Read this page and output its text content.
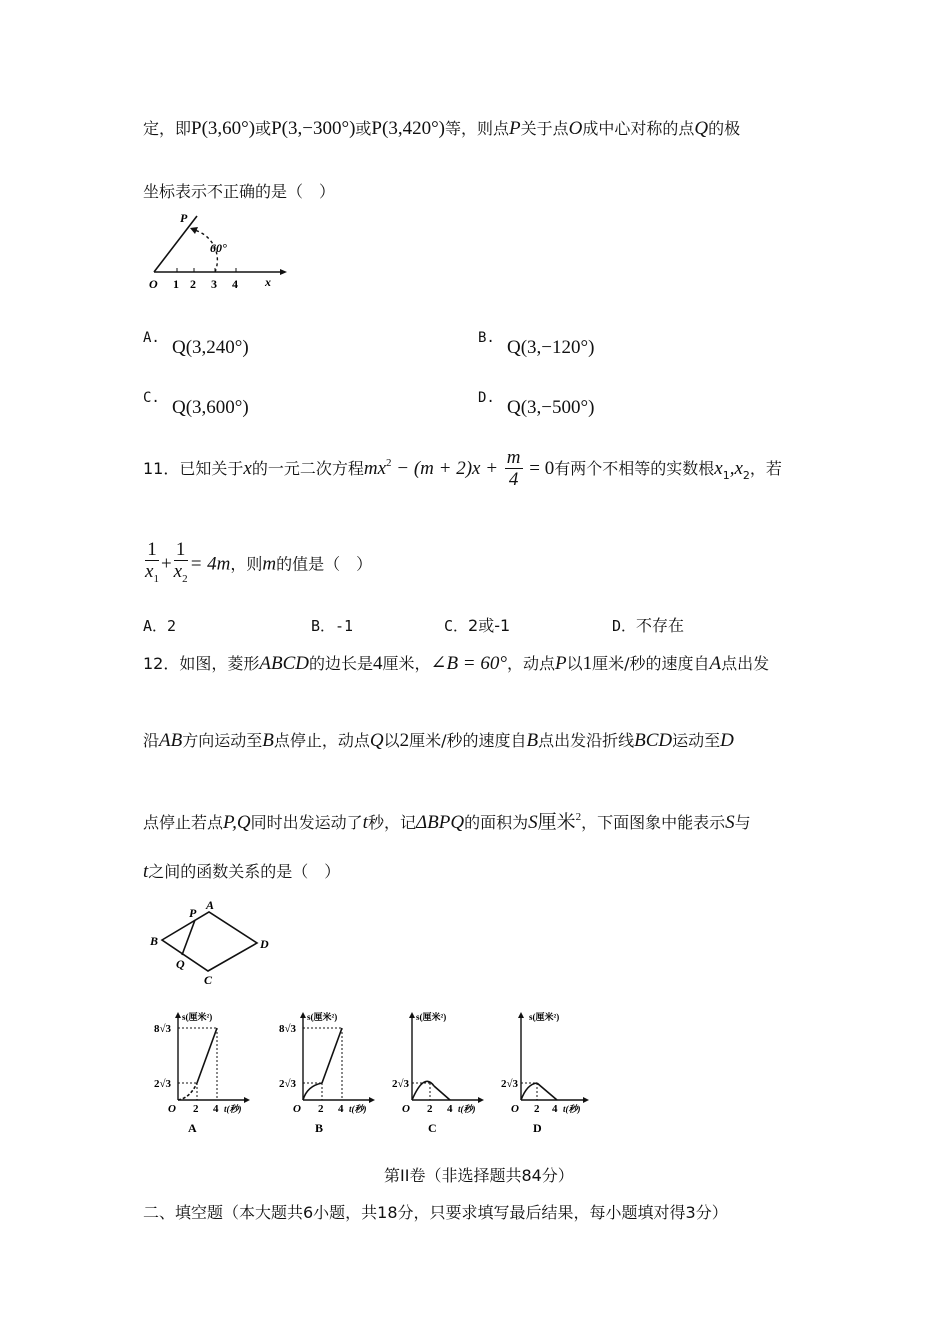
定，即P(3,60°)或P(3,−300°)或P(3,420°)等，则点P关于点O成中心对称的点Q的极
坐标表示不正确的是（　）
P
60°
O 1 2 3 4 x
A. Q(3,240°)	B. Q(3,−120°)
C. Q(3,600°)	D. Q(3,−500°)
11．已知关于x的一元二次方程$mx^2 - (m + 2)x + \frac{m}{4} = 0$有两个不相等的实数根$x_1,x_2$，若
$\frac{1}{x_1} + \frac{1}{x_2} = 4m$，则m的值是（　）
A．2	B．-1	C．2或-1	D．不存在
12．如图，菱形ABCD的边长是4厘米，∠B = 60°，动点P以1厘米/秒的速度自A点出发
沿AB方向运动至B点停止，动点Q以2厘米/秒的速度自B点出发沿折线BCD运动至D
点停止若点P,Q同时出发运动了t秒，记ΔBPQ的面积为S厘米$^2$，下面图象中能表示S与
t之间的函数关系的是（　）
P
A
B	D
Q
C
s(厘米²)
8√3
2√3
O 2 4 t(秒)
A
s(厘米²)
8√3
2√3
O 2 4 t(秒)
B
s(厘米²)
2√3
O 2 4 t(秒)
C
s(厘米²)
2√3
O 2 4 t(秒)
D
第II卷（非选择题共84分）
二、填空题（本大题共6小题，共18分，只要求填写最后结果，每小题填对得3分）
